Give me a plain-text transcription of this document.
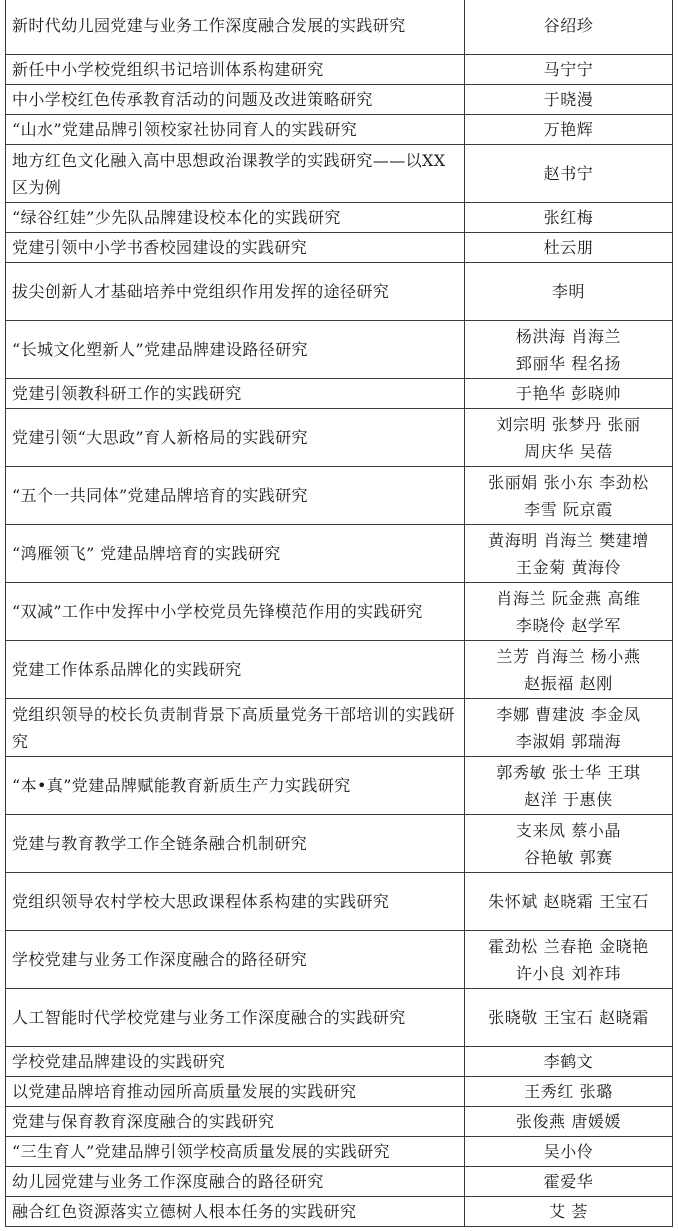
新时代幼儿园党建与业务工作深度融合发展的实践研究	谷绍珍

新任中小学校党组织书记培训体系构建研究	马宁宁

中小学校红色传承教育活动的问题及改进策略研究	于晓漫

“山水”党建品牌引领校家社协同育人的实践研究	万艳辉

地方红色文化融入高中思想政治课教学的实践研究——以XX区为例	赵书宁

“绿谷红娃”少先队品牌建设校本化的实践研究	张红梅

党建引领中小学书香校园建设的实践研究	杜云朋

拔尖创新人才基础培养中党组织作用发挥的途径研究	李明

“长城文化塑新人”党建品牌建设路径研究	杨洪海 肖海兰
郅丽华 程名扬

党建引领教科研工作的实践研究	于艳华 彭晓帅

党建引领“大思政”育人新格局的实践研究	刘宗明 张梦丹 张丽
周庆华 吴蓓

“五个一共同体”党建品牌培育的实践研究	张丽娟 张小东 李劲松
李雪 阮京霞

“鸿雁领飞” 党建品牌培育的实践研究	黄海明 肖海兰 樊建增
王金菊 黄海伶

“双减”工作中发挥中小学校党员先锋模范作用的实践研究	肖海兰 阮金燕 高维
李晓伶 赵学军

党建工作体系品牌化的实践研究	兰芳 肖海兰 杨小燕
赵振福 赵刚

党组织领导的校长负责制背景下高质量党务干部培训的实践研究	李娜 曹建波 李金凤
李淑娟 郭瑞海

“本•真”党建品牌赋能教育新质生产力实践研究	郭秀敏 张士华 王琪
赵洋 于惠侠

党建与教育教学工作全链条融合机制研究	支来凤 蔡小晶
谷艳敏 郭赛

党组织领导农村学校大思政课程体系构建的实践研究	朱怀斌 赵晓霜 王宝石

学校党建与业务工作深度融合的路径研究	霍劲松 兰春艳 金晓艳
许小良 刘祚玮

人工智能时代学校党建与业务工作深度融合的实践研究	张晓敬 王宝石 赵晓霜

学校党建品牌建设的实践研究	李鹤文

以党建品牌培育推动园所高质量发展的实践研究	王秀红 张璐

党建与保育教育深度融合的实践研究	张俊燕 唐媛媛

“三生育人”党建品牌引领学校高质量发展的实践研究	吴小伶

幼儿园党建与业务工作深度融合的路径研究	霍爱华

融合红色资源落实立德树人根本任务的实践研究	艾 荟
